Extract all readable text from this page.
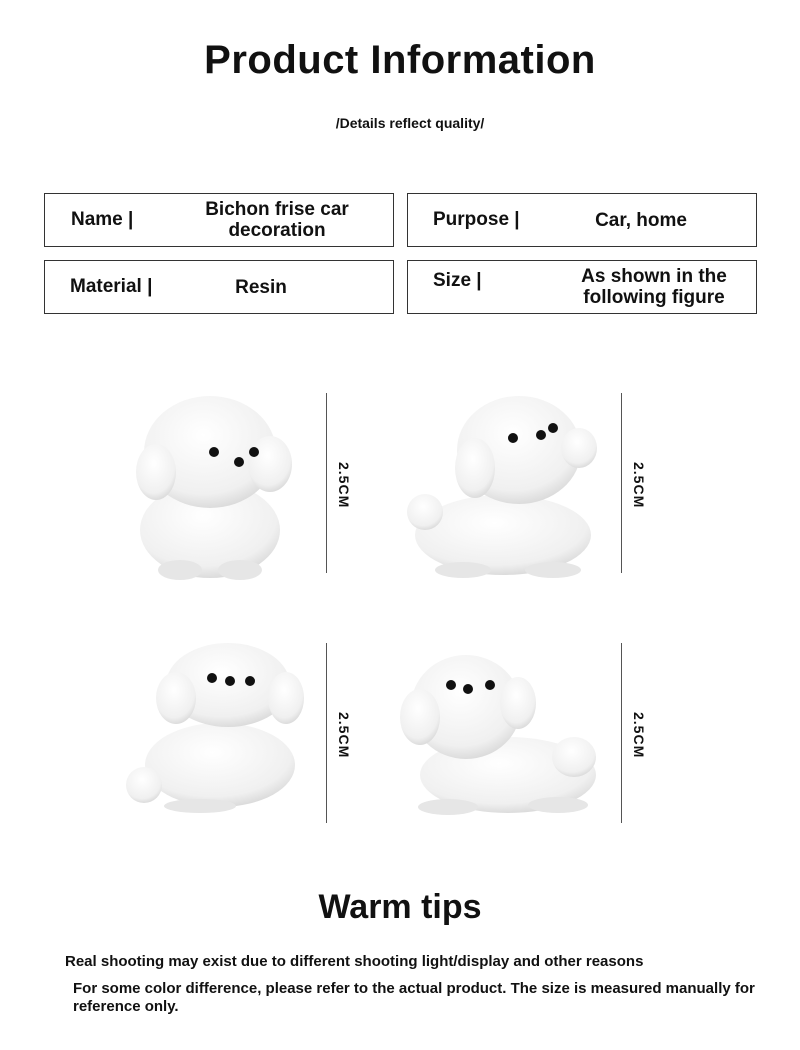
Product Information
/Details reflect quality/
Name |	Bichon frise car decoration
Purpose |	Car, home
Material |	Resin	Size |	As shown in the following figure
2.5CM	2.5CM
2.5CM	2.5CM
Warm tips
Real shooting may exist due to different shooting light/display and other reasons
For some color difference, please refer to the actual product. The size is measured manually for reference only.
